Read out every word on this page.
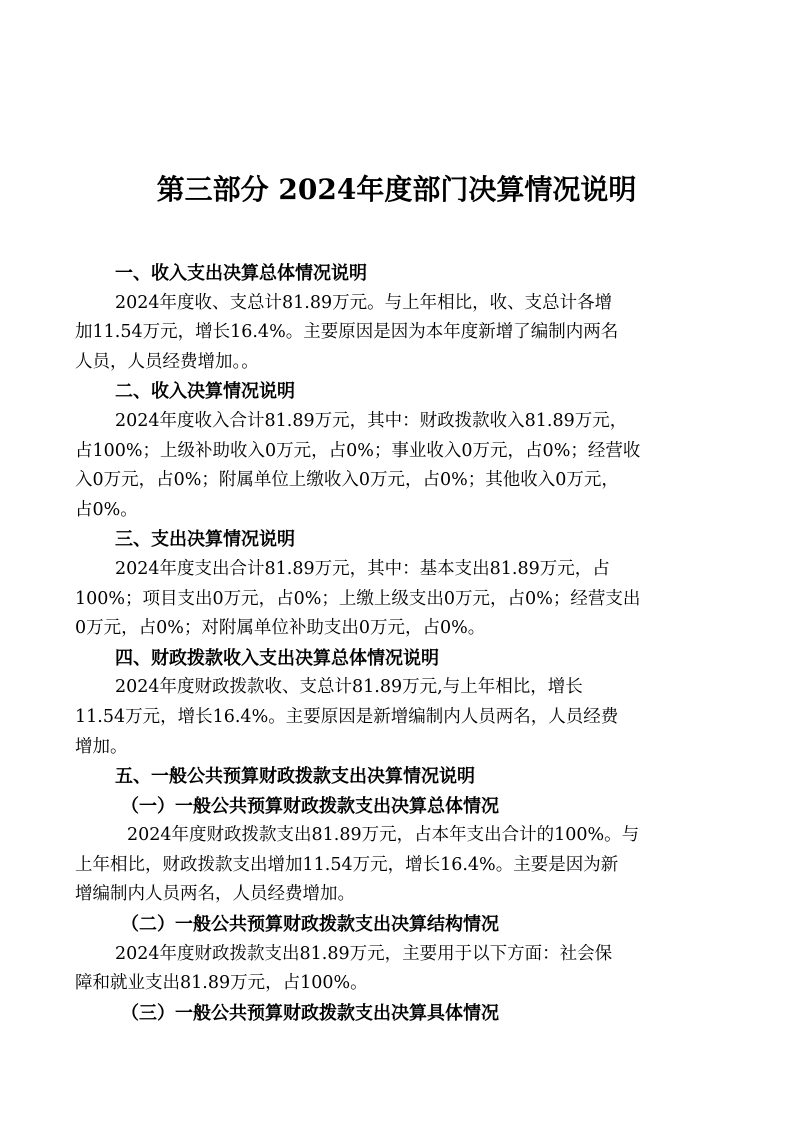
第三部分 2024年度部门决算情况说明
一、收入支出决算总体情况说明

2024年度收、支总计81.89万元。与上年相比，收、支总计各增
加11.54万元，增长16.4%。主要原因是因为本年度新增了编制内两名
人员，人员经费增加。。

二、收入决算情况说明

2024年度收入合计81.89万元，其中：财政拨款收入81.89万元，
占100%；上级补助收入0万元，占0%；事业收入0万元，占0%；经营收
入0万元，占0%；附属单位上缴收入0万元，占0%；其他收入0万元，
占0%。

三、支出决算情况说明

2024年度支出合计81.89万元，其中：基本支出81.89万元，占
100%；项目支出0万元，占0%；上缴上级支出0万元，占0%；经营支出
0万元，占0%；对附属单位补助支出0万元，占0%。

四、财政拨款收入支出决算总体情况说明

2024年度财政拨款收、支总计81.89万元,与上年相比，增长
11.54万元，增长16.4%。主要原因是新增编制内人员两名，人员经费
增加。

五、一般公共预算财政拨款支出决算情况说明
（一）一般公共预算财政拨款支出决算总体情况

2024年度财政拨款支出81.89万元，占本年支出合计的100%。与
上年相比，财政拨款支出增加11.54万元，增长16.4%。主要是因为新
增编制内人员两名，人员经费增加。

（二）一般公共预算财政拨款支出决算结构情况

2024年度财政拨款支出81.89万元，主要用于以下方面：社会保
障和就业支出81.89万元，占100%。

（三）一般公共预算财政拨款支出决算具体情况
